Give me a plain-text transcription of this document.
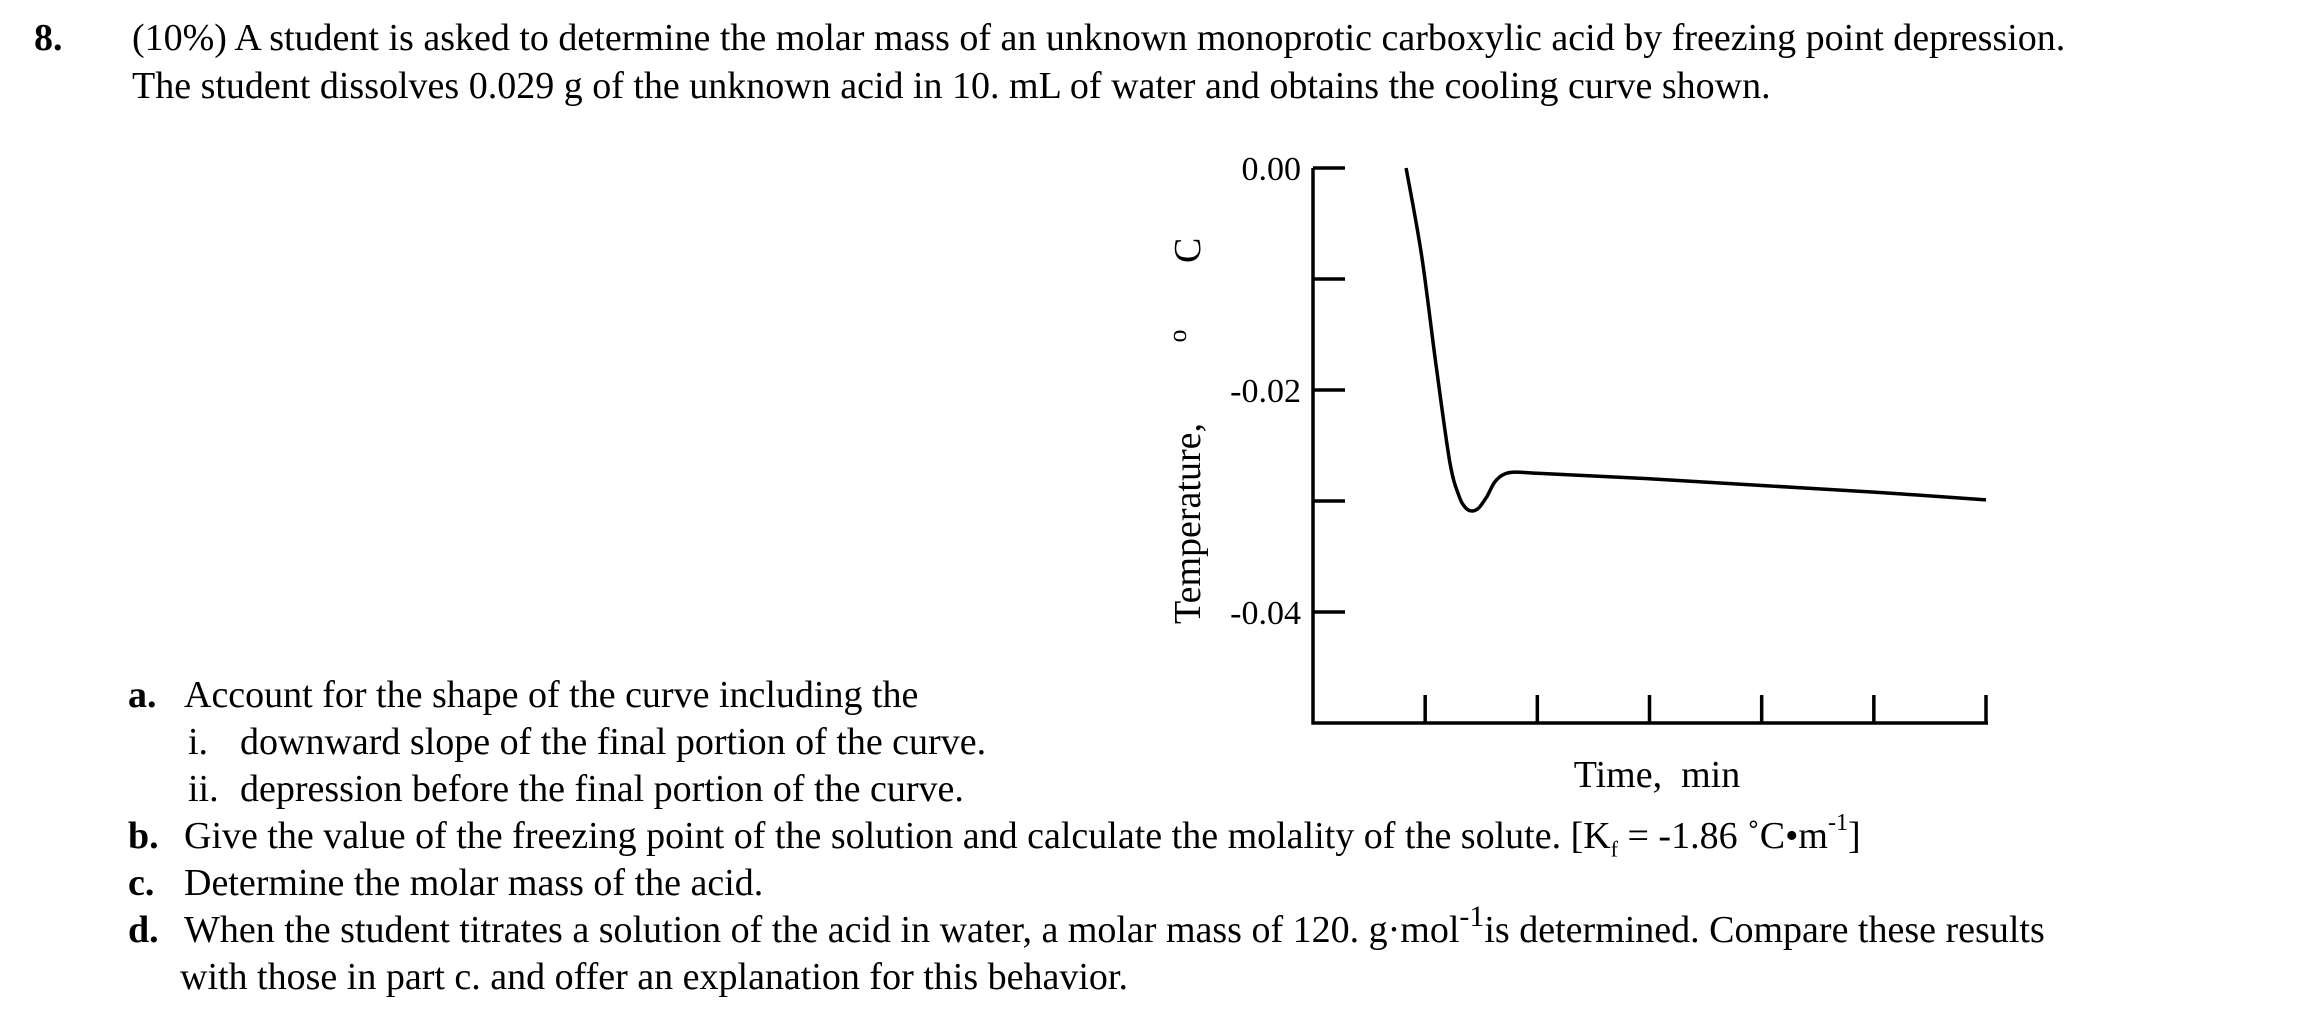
8. (10%) A student is asked to determine the molar mass of an unknown monoprotic carboxylic acid by freezing point depression.
The student dissolves 0.029 g of the unknown acid in 10. mL of water and obtains the cooling curve shown.
0.00
-0.02
-0.04
Time,  min
Temperature,       $^o$       C
a. Account for the shape of the curve including the
i. downward slope of the final portion of the curve.
ii. depression before the final portion of the curve.
b. Give the value of the freezing point of the solution and calculate the molality of the solute. [$K_f = -1.86$ $˚C•m^{-1}$]
c. Determine the molar mass of the acid.
d. When the student titrates a solution of the acid in water, a molar mass of 120. g·mol$^{-1}$is determined. Compare these results
with those in part c. and offer an explanation for this behavior.
